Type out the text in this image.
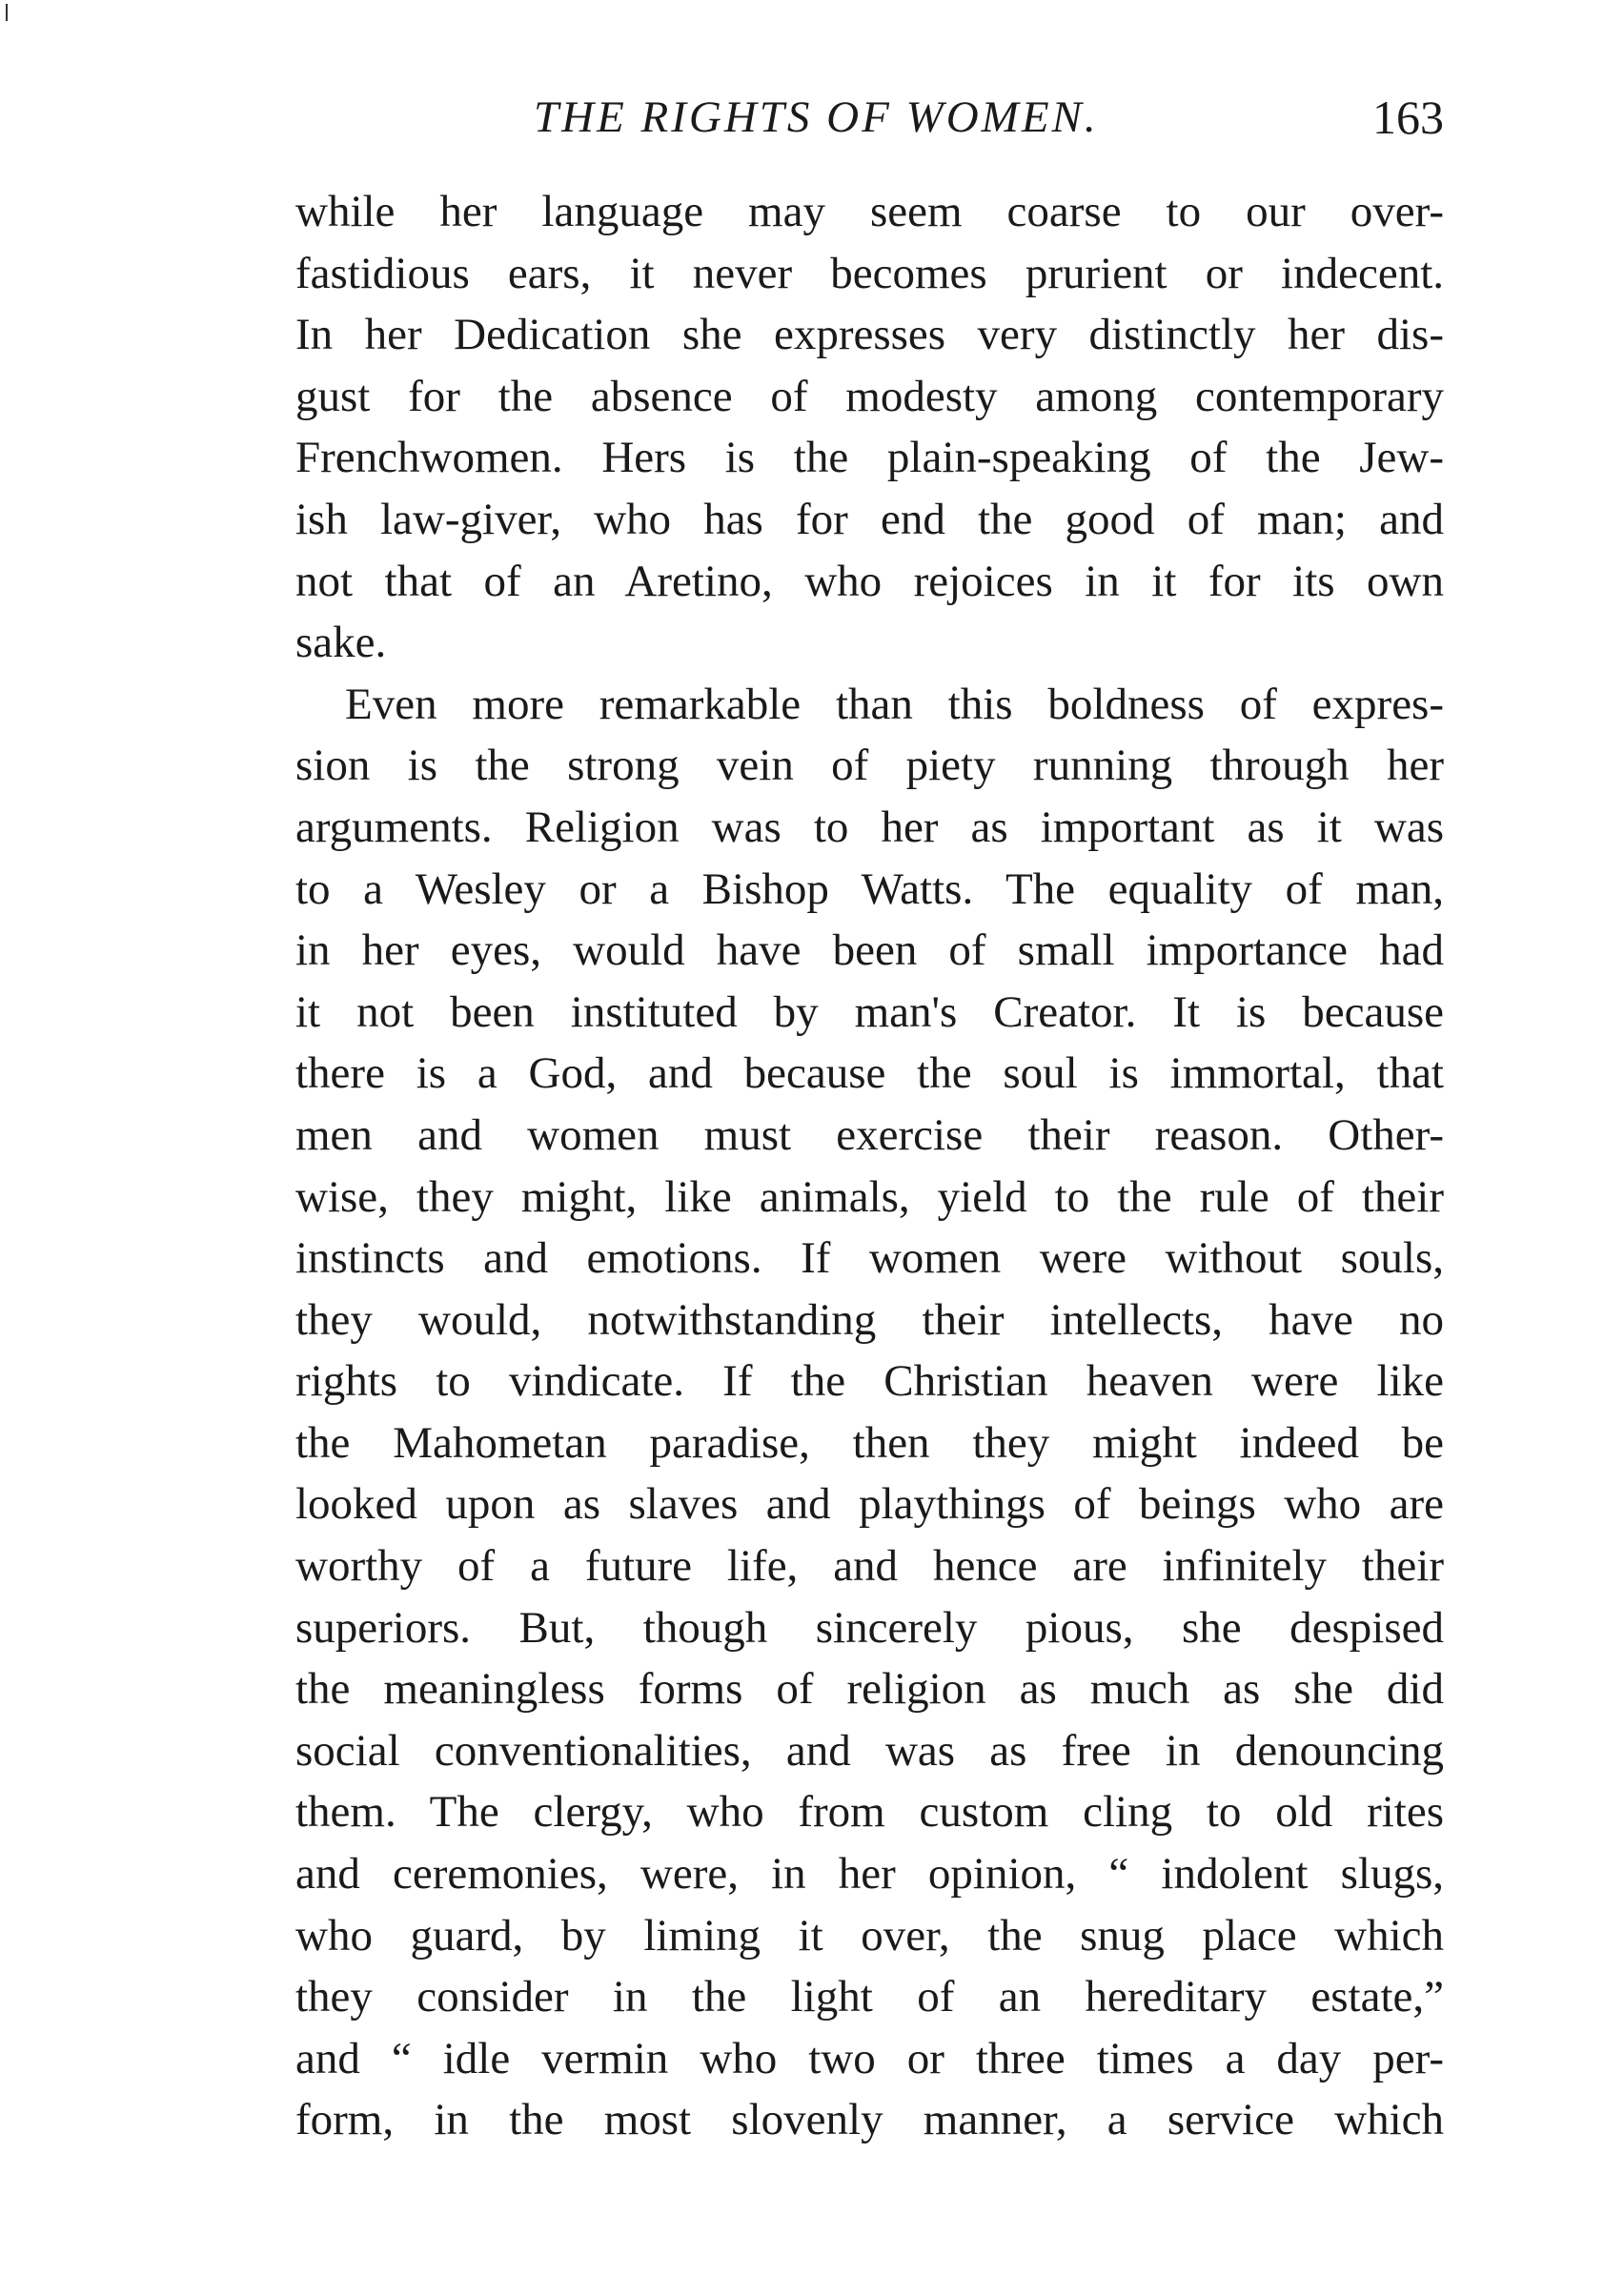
THE RIGHTS OF WOMEN.	163
while her language may seem coarse to our over-
fastidious ears, it never becomes prurient or indecent.
In her Dedication she expresses very distinctly her dis-
gust for the absence of modesty among contemporary
Frenchwomen. Hers is the plain-speaking of the Jew-
ish law-giver, who has for end the good of man; and
not that of an Aretino, who rejoices in it for its own
sake.
Even more remarkable than this boldness of expres-
sion is the strong vein of piety running through her
arguments. Religion was to her as important as it was
to a Wesley or a Bishop Watts. The equality of man,
in her eyes, would have been of small importance had
it not been instituted by man's Creator. It is because
there is a God, and because the soul is immortal, that
men and women must exercise their reason. Other-
wise, they might, like animals, yield to the rule of their
instincts and emotions. If women were without souls,
they would, notwithstanding their intellects, have no
rights to vindicate. If the Christian heaven were like
the Mahometan paradise, then they might indeed be
looked upon as slaves and playthings of beings who are
worthy of a future life, and hence are infinitely their
superiors. But, though sincerely pious, she despised
the meaningless forms of religion as much as she did
social conventionalities, and was as free in denouncing
them. The clergy, who from custom cling to old rites
and ceremonies, were, in her opinion, “ indolent slugs,
who guard, by liming it over, the snug place which
they consider in the light of an hereditary estate,”
and “ idle vermin who two or three times a day per-
form, in the most slovenly manner, a service which
